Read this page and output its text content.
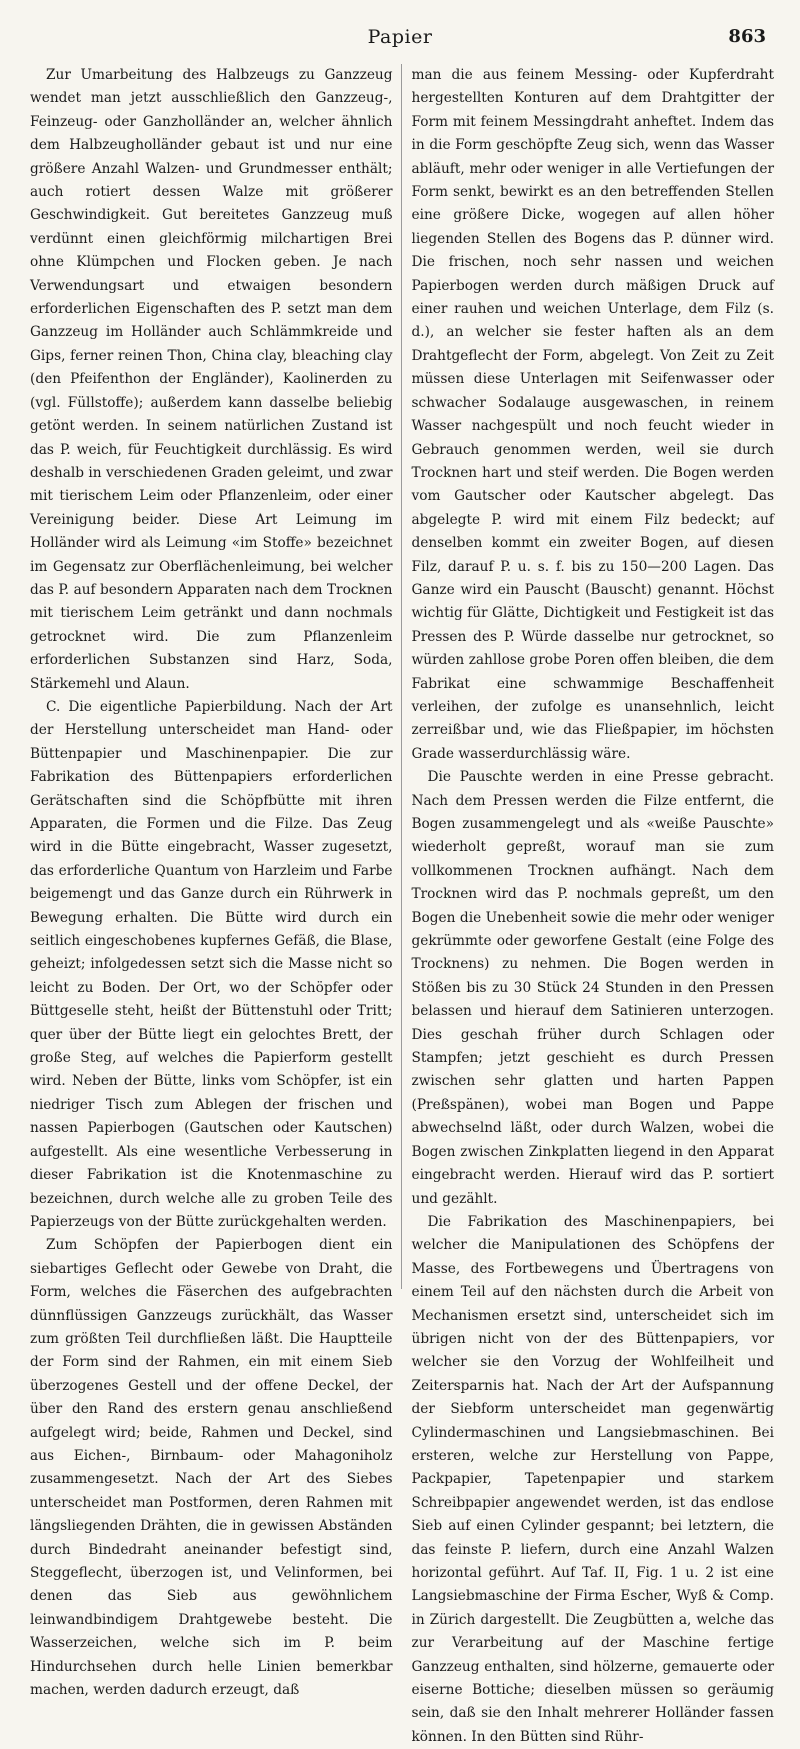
Papier	863

Zur Umarbeitung des Halbzeugs zu Ganzzeug wendet man jetzt ausschließlich den Ganzzeug-, Feinzeug- oder Ganzholländer an, welcher ähnlich dem Halbzeugholländer gebaut ist und nur eine größere Anzahl Walzen- und Grundmesser enthält; auch rotiert dessen Walze mit größerer Geschwindigkeit. Gut bereitetes Ganzzeug muß verdünnt einen gleichförmig milchartigen Brei ohne Klümpchen und Flocken geben. Je nach Verwendungsart und etwaigen besondern erforderlichen Eigenschaften des P. setzt man dem Ganzzeug im Holländer auch Schlämmkreide und Gips, ferner reinen Thon, China clay, bleaching clay (den Pfeifenthon der Engländer), Kaolinerden zu (vgl. Füllstoffe); außerdem kann dasselbe beliebig getönt werden. In seinem natürlichen Zustand ist das P. weich, für Feuchtigkeit durchlässig. Es wird deshalb in verschiedenen Graden geleimt, und zwar mit tierischem Leim oder Pflanzenleim, oder einer Vereinigung beider. Diese Art Leimung im Holländer wird als Leimung «im Stoffe» bezeichnet im Gegensatz zur Oberflächenleimung, bei welcher das P. auf besondern Apparaten nach dem Trocknen mit tierischem Leim getränkt und dann nochmals getrocknet wird. Die zum Pflanzenleim erforderlichen Substanzen sind Harz, Soda, Stärkemehl und Alaun.

C. Die eigentliche Papierbildung. Nach der Art der Herstellung unterscheidet man Hand- oder Büttenpapier und Maschinenpapier. Die zur Fabrikation des Büttenpapiers erforderlichen Gerätschaften sind die Schöpfbütte mit ihren Apparaten, die Formen und die Filze. Das Zeug wird in die Bütte eingebracht, Wasser zugesetzt, das erforderliche Quantum von Harzleim und Farbe beigemengt und das Ganze durch ein Rührwerk in Bewegung erhalten. Die Bütte wird durch ein seitlich eingeschobenes kupfernes Gefäß, die Blase, geheizt; infolgedessen setzt sich die Masse nicht so leicht zu Boden. Der Ort, wo der Schöpfer oder Büttgeselle steht, heißt der Büttenstuhl oder Tritt; quer über der Bütte liegt ein gelochtes Brett, der große Steg, auf welches die Papierform gestellt wird. Neben der Bütte, links vom Schöpfer, ist ein niedriger Tisch zum Ablegen der frischen und nassen Papierbogen (Gautschen oder Kautschen) aufgestellt. Als eine wesentliche Verbesserung in dieser Fabrikation ist die Knotenmaschine zu bezeichnen, durch welche alle zu groben Teile des Papierzeugs von der Bütte zurückgehalten werden.

Zum Schöpfen der Papierbogen dient ein siebartiges Geflecht oder Gewebe von Draht, die Form, welches die Fäserchen des aufgebrachten dünnflüssigen Ganzzeugs zurückhält, das Wasser zum größten Teil durchfließen läßt. Die Hauptteile der Form sind der Rahmen, ein mit einem Sieb überzogenes Gestell und der offene Deckel, der über den Rand des erstern genau anschließend aufgelegt wird; beide, Rahmen und Deckel, sind aus Eichen-, Birnbaum- oder Mahagoniholz zusammengesetzt. Nach der Art des Siebes unterscheidet man Postformen, deren Rahmen mit längsliegenden Drähten, die in gewissen Abständen durch Bindedraht aneinander befestigt sind, Steggeflecht, überzogen ist, und Velinformen, bei denen das Sieb aus gewöhnlichem leinwandbindigem Drahtgewebe besteht. Die Wasserzeichen, welche sich im P. beim Hindurchsehen durch helle Linien bemerkbar machen, werden dadurch erzeugt, daß

man die aus feinem Messing- oder Kupferdraht hergestellten Konturen auf dem Drahtgitter der Form mit feinem Messingdraht anheftet. Indem das in die Form geschöpfte Zeug sich, wenn das Wasser abläuft, mehr oder weniger in alle Vertiefungen der Form senkt, bewirkt es an den betreffenden Stellen eine größere Dicke, wogegen auf allen höher liegenden Stellen des Bogens das P. dünner wird. Die frischen, noch sehr nassen und weichen Papierbogen werden durch mäßigen Druck auf einer rauhen und weichen Unterlage, dem Filz (s. d.), an welcher sie fester haften als an dem Drahtgeflecht der Form, abgelegt. Von Zeit zu Zeit müssen diese Unterlagen mit Seifenwasser oder schwacher Sodalauge ausgewaschen, in reinem Wasser nachgespült und noch feucht wieder in Gebrauch genommen werden, weil sie durch Trocknen hart und steif werden. Die Bogen werden vom Gautscher oder Kautscher abgelegt. Das abgelegte P. wird mit einem Filz bedeckt; auf denselben kommt ein zweiter Bogen, auf diesen Filz, darauf P. u. s. f. bis zu 150—200 Lagen. Das Ganze wird ein Pauscht (Bauscht) genannt. Höchst wichtig für Glätte, Dichtigkeit und Festigkeit ist das Pressen des P. Würde dasselbe nur getrocknet, so würden zahllose grobe Poren offen bleiben, die dem Fabrikat eine schwammige Beschaffenheit verleihen, der zufolge es unansehnlich, leicht zerreißbar und, wie das Fließpapier, im höchsten Grade wasserdurchlässig wäre.

Die Pauschte werden in eine Presse gebracht. Nach dem Pressen werden die Filze entfernt, die Bogen zusammengelegt und als «weiße Pauschte» wiederholt gepreßt, worauf man sie zum vollkommenen Trocknen aufhängt. Nach dem Trocknen wird das P. nochmals gepreßt, um den Bogen die Unebenheit sowie die mehr oder weniger gekrümmte oder geworfene Gestalt (eine Folge des Trocknens) zu nehmen. Die Bogen werden in Stößen bis zu 30 Stück 24 Stunden in den Pressen belassen und hierauf dem Satinieren unterzogen. Dies geschah früher durch Schlagen oder Stampfen; jetzt geschieht es durch Pressen zwischen sehr glatten und harten Pappen (Preßspänen), wobei man Bogen und Pappe abwechselnd läßt, oder durch Walzen, wobei die Bogen zwischen Zinkplatten liegend in den Apparat eingebracht werden. Hierauf wird das P. sortiert und gezählt.

Die Fabrikation des Maschinenpapiers, bei welcher die Manipulationen des Schöpfens der Masse, des Fortbewegens und Übertragens von einem Teil auf den nächsten durch die Arbeit von Mechanismen ersetzt sind, unterscheidet sich im übrigen nicht von der des Büttenpapiers, vor welcher sie den Vorzug der Wohlfeilheit und Zeitersparnis hat. Nach der Art der Aufspannung der Siebform unterscheidet man gegenwärtig Cylindermaschinen und Langsiebmaschinen. Bei ersteren, welche zur Herstellung von Pappe, Packpapier, Tapetenpapier und starkem Schreibpapier angewendet werden, ist das endlose Sieb auf einen Cylinder gespannt; bei letztern, die das feinste P. liefern, durch eine Anzahl Walzen horizontal geführt. Auf Taf. II, Fig. 1 u. 2 ist eine Langsiebmaschine der Firma Escher, Wyß & Comp. in Zürich dargestellt. Die Zeugbütten a, welche das zur Verarbeitung auf der Maschine fertige Ganzzeug enthalten, sind hölzerne, gemauerte oder eiserne Bottiche; dieselben müssen so geräumig sein, daß sie den Inhalt mehrerer Holländer fassen können. In den Bütten sind Rühr-
